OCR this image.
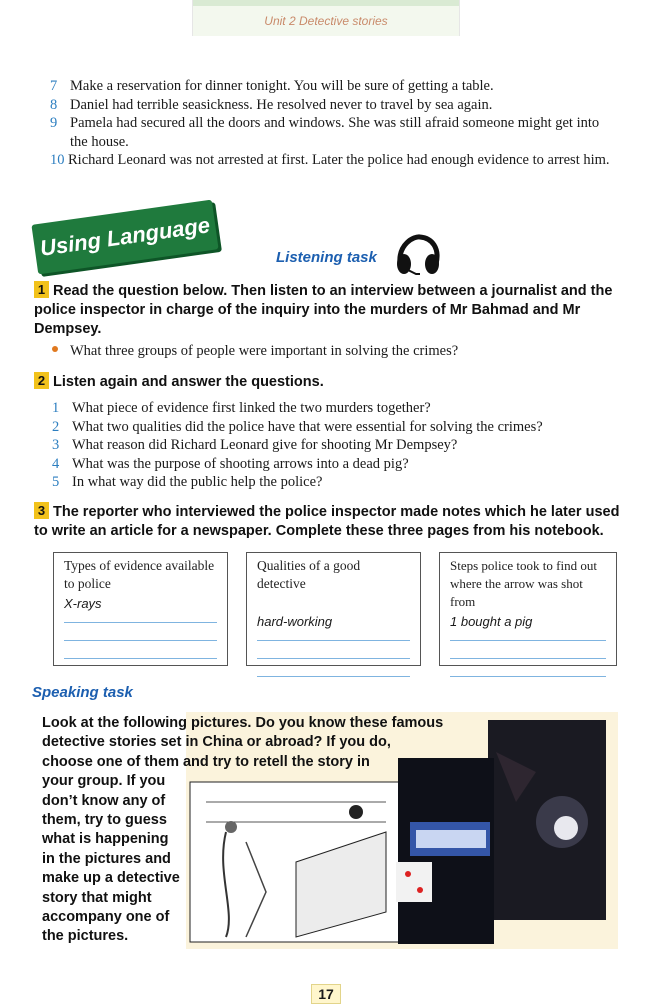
Unit 2 Detective stories
7 Make a reservation for dinner tonight. You will be sure of getting a table.
8 Daniel had terrible seasickness. He resolved never to travel by sea again.
9 Pamela had secured all the doors and windows. She was still afraid someone might get into
the house.
10 Richard Leonard was not arrested at first. Later the police had enough evidence to arrest him.
Using Language	Listening task
1 Read the question below. Then listen to an interview between a journalist and the police inspector in charge of the inquiry into the murders of Mr Bahmad and Mr Dempsey.
What three groups of people were important in solving the crimes?
2 Listen again and answer the questions.
1 What piece of evidence first linked the two murders together?
2 What two qualities did the police have that were essential for solving the crimes?
3 What reason did Richard Leonard give for shooting Mr Dempsey?
4 What was the purpose of shooting arrows into a dead pig?
5 In what way did the public help the police?
3 The reporter who interviewed the police inspector made notes which he later used to write an article for a newspaper. Complete these three pages from his notebook.
Types of evidence available to police
X-rays
Qualities of a good detective
hard-working
Steps police took to find out where the arrow was shot from
1 bought a pig
Speaking task
Look at the following pictures. Do you know these famous
detective stories set in China or abroad? If you do,
choose one of them and try to retell the story in
your group. If you
don’t know any of
them, try to guess
what is happening
in the pictures and
make up a detective
story that might
accompany one of
the pictures.
17
